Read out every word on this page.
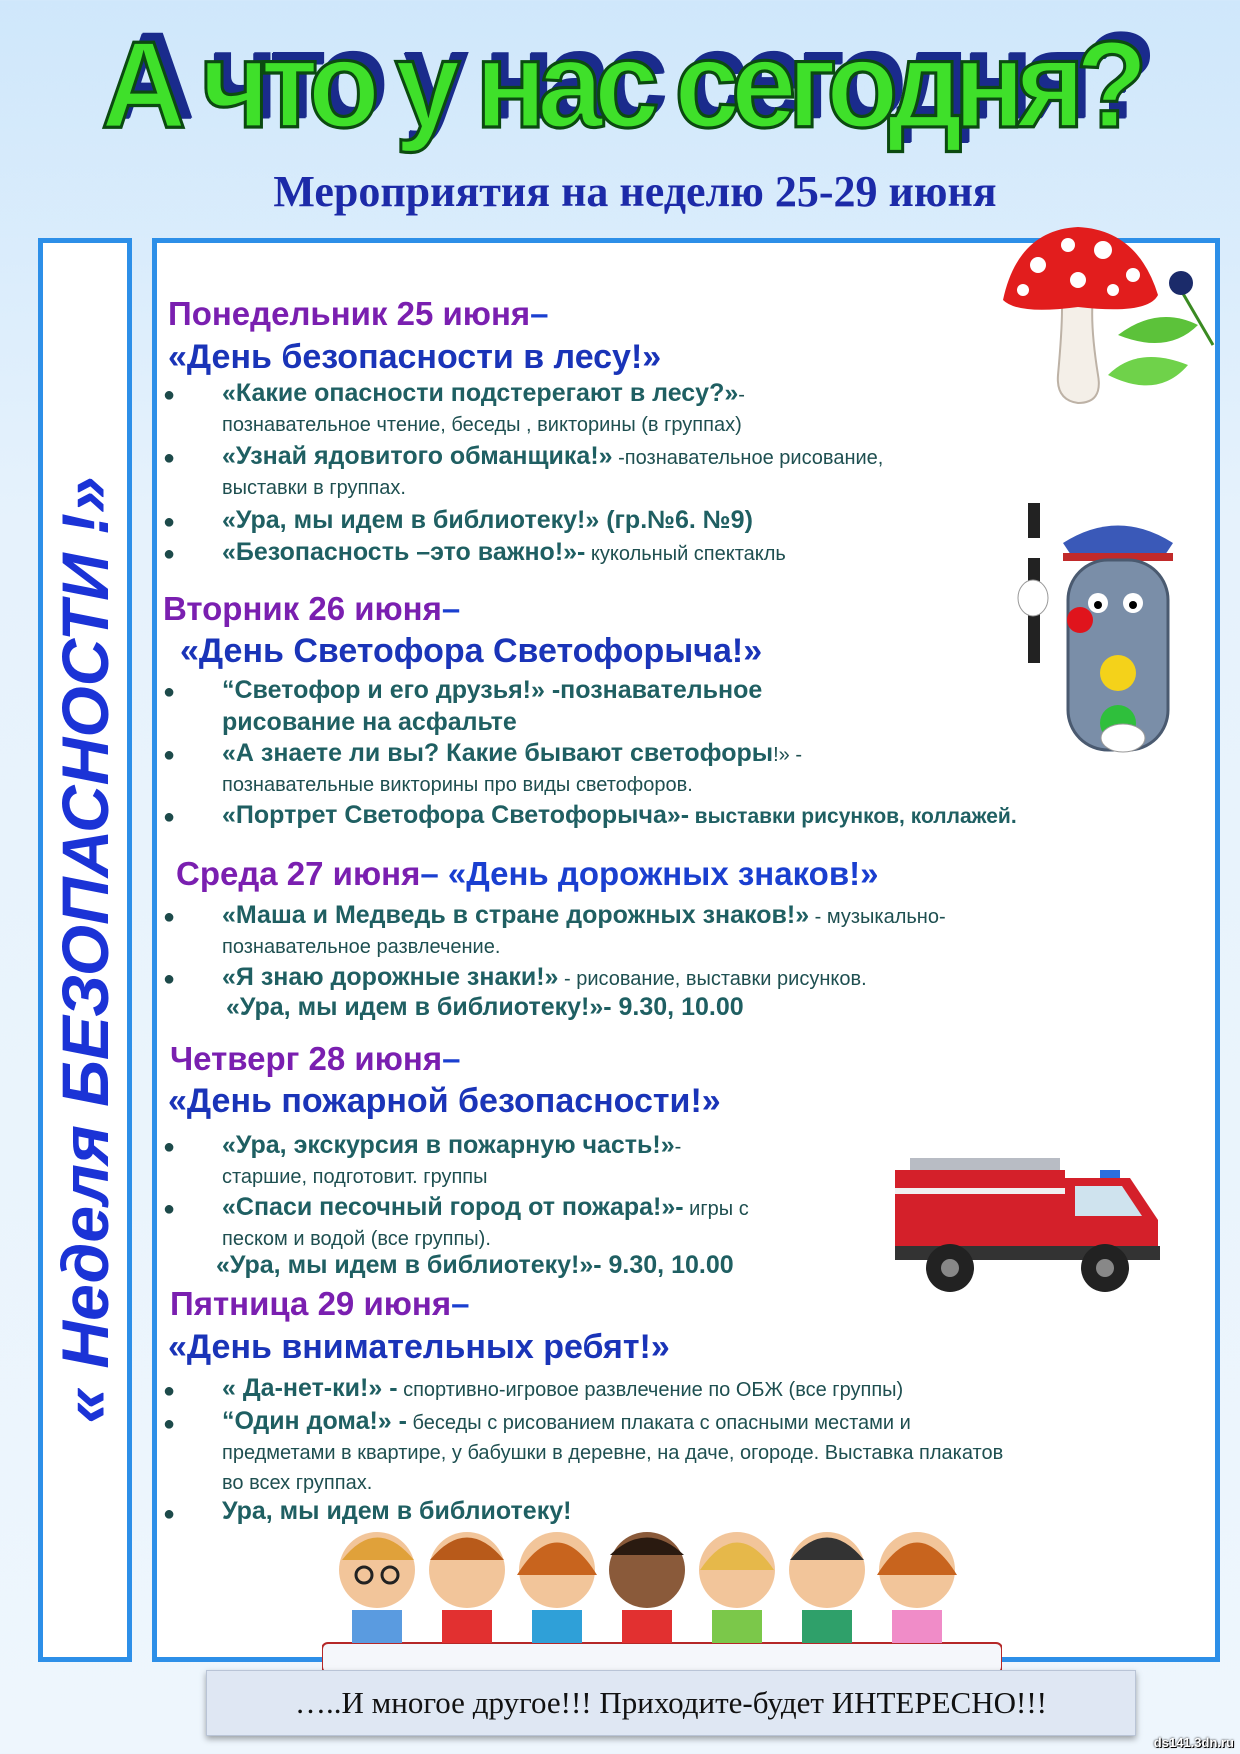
А что у нас сегодня?
Мероприятия на неделю 25-29 июня
« Неделя БЕЗОПАСНОСТИ !»
Понедельник 25 июня–
«День безопасности в лесу!»
● «Какие опасности подстерегают в лесу?»-
познавательное чтение, беседы , викторины (в группах)
● «Узнай ядовитого обманщика!» -познавательное рисование,
выставки в группах.
● «Ура, мы идем в библиотеку!» (гр.№6. №9)
● «Безопасность –это важно!»- кукольный спектакль
Вторник 26 июня–
«День Светофора Светофорыча!»
● “Светофор и его друзья!» -познавательное
рисование на асфальте
● «А знаете ли вы? Какие бывают светофоры!» -
познавательные викторины про виды светофоров.
● «Портрет Светофора Светофорыча»- выставки рисунков, коллажей.
Среда 27 июня– «День дорожных знаков!»
● «Маша и Медведь в стране дорожных знаков!» - музыкально-
познавательное развлечение.
● «Я знаю дорожные знаки!» - рисование, выставки рисунков.
«Ура, мы идем в библиотеку!»- 9.30, 10.00
Четверг 28 июня–
«День пожарной безопасности!»
● «Ура, экскурсия в пожарную часть!»-
старшие, подготовит. группы
● «Спаси песочный город от пожара!»- игры с
песком и водой (все группы).
«Ура, мы идем в библиотеку!»- 9.30, 10.00
Пятница 29 июня–
«День внимательных ребят!»
● « Да-нет-ки!» - спортивно-игровое развлечение по ОБЖ (все группы)
● “Один дома!» - беседы с рисованием плаката с опасными местами и
предметами в квартире, у бабушки в деревне, на даче, огороде. Выставка плакатов
во всех группах.
● Ура, мы идем в библиотеку!
…..И многое другое!!! Приходите-будет ИНТЕРЕСНО!!!
ds141.3dn.ru
